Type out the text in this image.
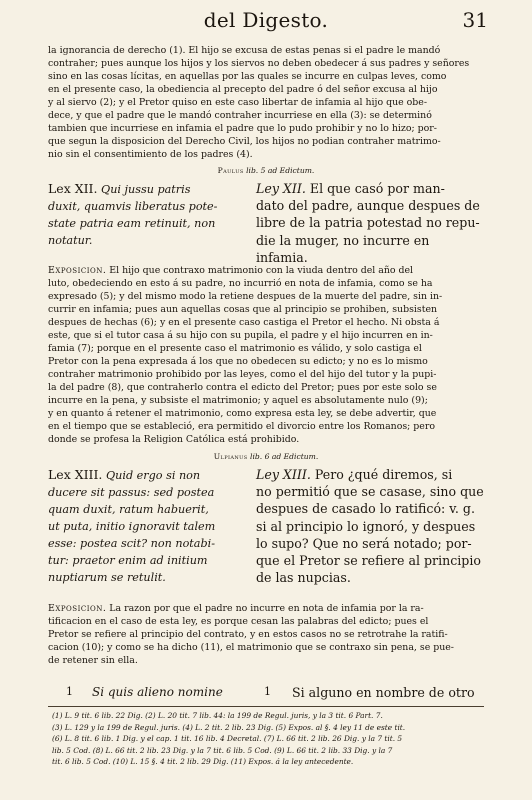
del Digesto.	31

la ignorancia de derecho (1). El hijo se excusa de estas penas si el padre le mandó
contraher; pues aunque los hijos y los siervos no deben obedecer á sus padres y señores
sino en las cosas lícitas, en aquellas por las quales se incurre en culpas leves, como
en el presente caso, la obediencia al precepto del padre ó del señor excusa al hijo
y al siervo (2); y el Pretor quiso en este caso libertar de infamia al hijo que obe-
dece, y que el padre que le mandó contraher incurriese en ella (3): se determinó
tambien que incurriese en infamia el padre que lo pudo prohibir y no lo hizo; por-
que segun la disposicion del Derecho Civil, los hijos no podian contraher matrimo-
nio sin el consentimiento de los padres (4).

Paulus lib. 5 ad Edictum.
Lex XII. Qui jussu patris
duxit, quamvis liberatus pote-
state patria eam retinuit, non
notatur.
Ley XII. El que casó por man-
dato del padre, aunque despues de
libre de la patria potestad no repu-
die la muger, no incurre en infamia.

Exposicion. El hijo que contraxo matrimonio con la viuda dentro del año del
luto, obedeciendo en esto á su padre, no incurrió en nota de infamia, como se ha
expresado (5); y del mismo modo la retiene despues de la muerte del padre, sin in-
currir en infamia; pues aun aquellas cosas que al principio se prohiben, subsisten
despues de hechas (6); y en el presente caso castiga el Pretor el hecho. Ni obsta á
este, que si el tutor casa á su hijo con su pupila, el padre y el hijo incurren en in-
famia (7); porque en el presente caso el matrimonio es válido, y solo castiga el
Pretor con la pena expresada á los que no obedecen su edicto; y no es lo mismo
contraher matrimonio prohibido por las leyes, como el del hijo del tutor y la pupi-
la del padre (8), que contraherlo contra el edicto del Pretor; pues por este solo se
incurre en la pena, y subsiste el matrimonio; y aquel es absolutamente nulo (9);
y en quanto á retener el matrimonio, como expresa esta ley, se debe advertir, que
en el tiempo que se estableció, era permitido el divorcio entre los Romanos; pero
donde se profesa la Religion Católica está prohibido.

Ulpianus lib. 6 ad Edictum.
Lex XIII. Quid ergo si non
ducere sit passus: sed postea
quam duxit, ratum habuerit,
ut puta, initio ignoravit talem
esse: postea scit? non notabi-
tur: praetor enim ad initium
nuptiarum se retulit.
Ley XIII. Pero ¿qué diremos, si
no permitió que se casase, sino que
despues de casado lo ratificó: v. g.
si al principio lo ignoró, y despues
lo supo? Que no será notado; por-
que el Pretor se refiere al principio
de las nupcias.

Exposicion. La razon por que el padre no incurre en nota de infamia por la ra-
tificacion en el caso de esta ley, es porque cesan las palabras del edicto; pues el
Pretor se refiere al principio del contrato, y en estos casos no se retrotrahe la ratifi-
cacion (10); y como se ha dicho (11), el matrimonio que se contraxo sin pena, se pue-
de retener sin ella.

1 Si quis alieno nomine	1 Si alguno en nombre de otro
(1) L. 9 tit. 6 lib. 22 Dig. (2) L. 20 tit. 7 lib. 44: la 199 de Regul. juris, y la 3 tit. 6 Part. 7.
(3) L. 129 y la 199 de Regul. juris. (4) L. 2 tit. 2 lib. 23 Dig. (5) Expos. al §. 4 ley 11 de este tit.
(6) L. 8 tit. 6 lib. 1 Dig. y el cap. 1 tit. 16 lib. 4 Decretal. (7) L. 66 tit. 2 lib. 26 Dig. y la 7 tit. 5
lib. 5 Cod. (8) L. 66 tit. 2 lib. 23 Dig. y la 7 tit. 6 lib. 5 Cod. (9) L. 66 tit. 2 lib. 33 Dig. y la 7
tit. 6 lib. 5 Cod. (10) L. 15 §. 4 tit. 2 lib. 29 Dig. (11) Expos. á la ley antecedente.
